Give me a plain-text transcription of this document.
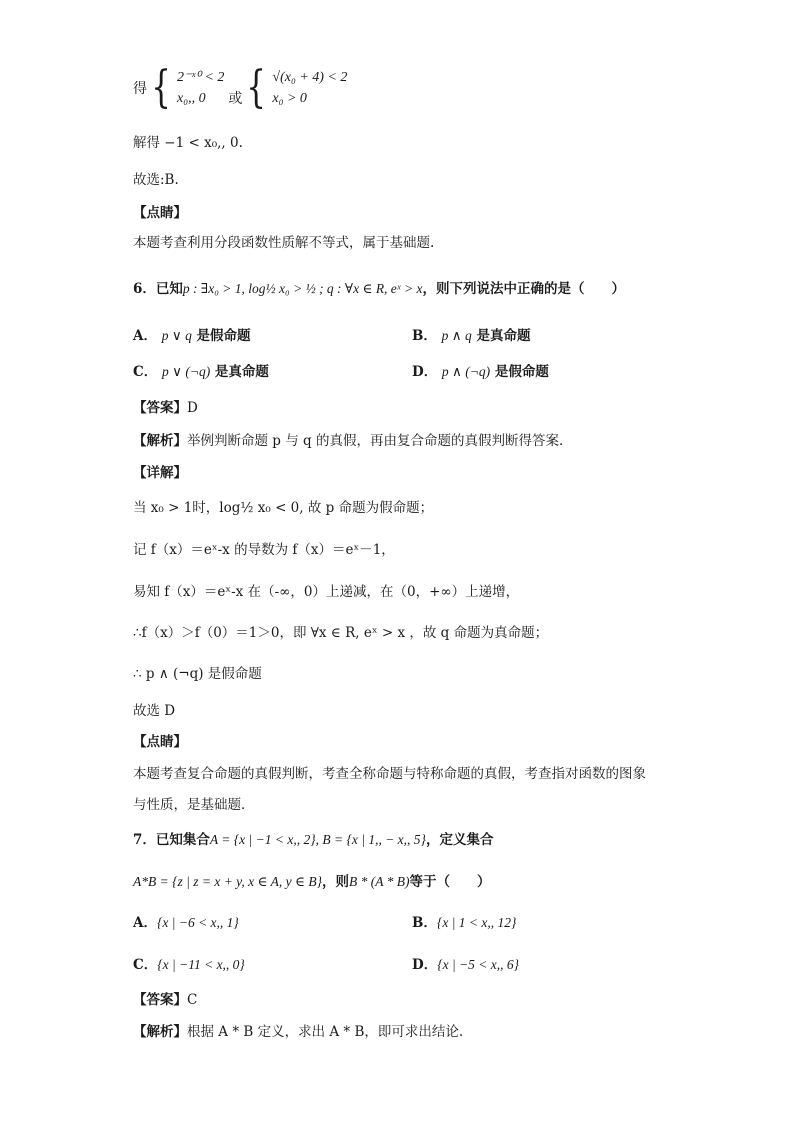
得 { 2⁻ˣ⁰ < 2
x₀,, 0	或 { √(x₀ + 4) < 2
x₀ > 0
解得 −1 < x₀,, 0.
故选:B.
【点睛】
本题考查利用分段函数性质解不等式，属于基础题.
6．已知p : ∃x₀ > 1, log½ x₀ > ½ ; q : ∀x ∈ R, eˣ > x，则下列说法中正确的是（　　）
A． p ∨ q 是假命题	B． p ∧ q 是真命题
C． p ∨ (¬q) 是真命题	D． p ∧ (¬q) 是假命题
【答案】D
【解析】举例判断命题 p 与 q 的真假，再由复合命题的真假判断得答案．
【详解】
当 x₀ > 1时，log½ x₀ < 0, 故 p 命题为假命题；
记 f（x）＝eˣ-x 的导数为 f（x）＝eˣ－1，
易知 f（x）＝eˣ-x 在（-∞，0）上递减，在（0，+∞）上递增，
∴f（x）＞f（0）＝1＞0，即 ∀x ∈ R, eˣ > x ，故 q 命题为真命题；
∴ p ∧ (¬q) 是假命题
故选 D
【点睛】
本题考查复合命题的真假判断，考查全称命题与特称命题的真假，考查指对函数的图象
与性质，是基础题．
7．已知集合A = {x | −1 < x,, 2}, B = {x | 1,, − x,, 5}，定义集合
A*B = {z | z = x + y, x ∈ A, y ∈ B}，则B * (A * B)等于（　　）
A．{x | −6 < x,, 1}	B．{x | 1 < x,, 12}
C．{x | −11 < x,, 0}	D．{x | −5 < x,, 6}
【答案】C
【解析】根据 A * B 定义，求出 A * B，即可求出结论.
